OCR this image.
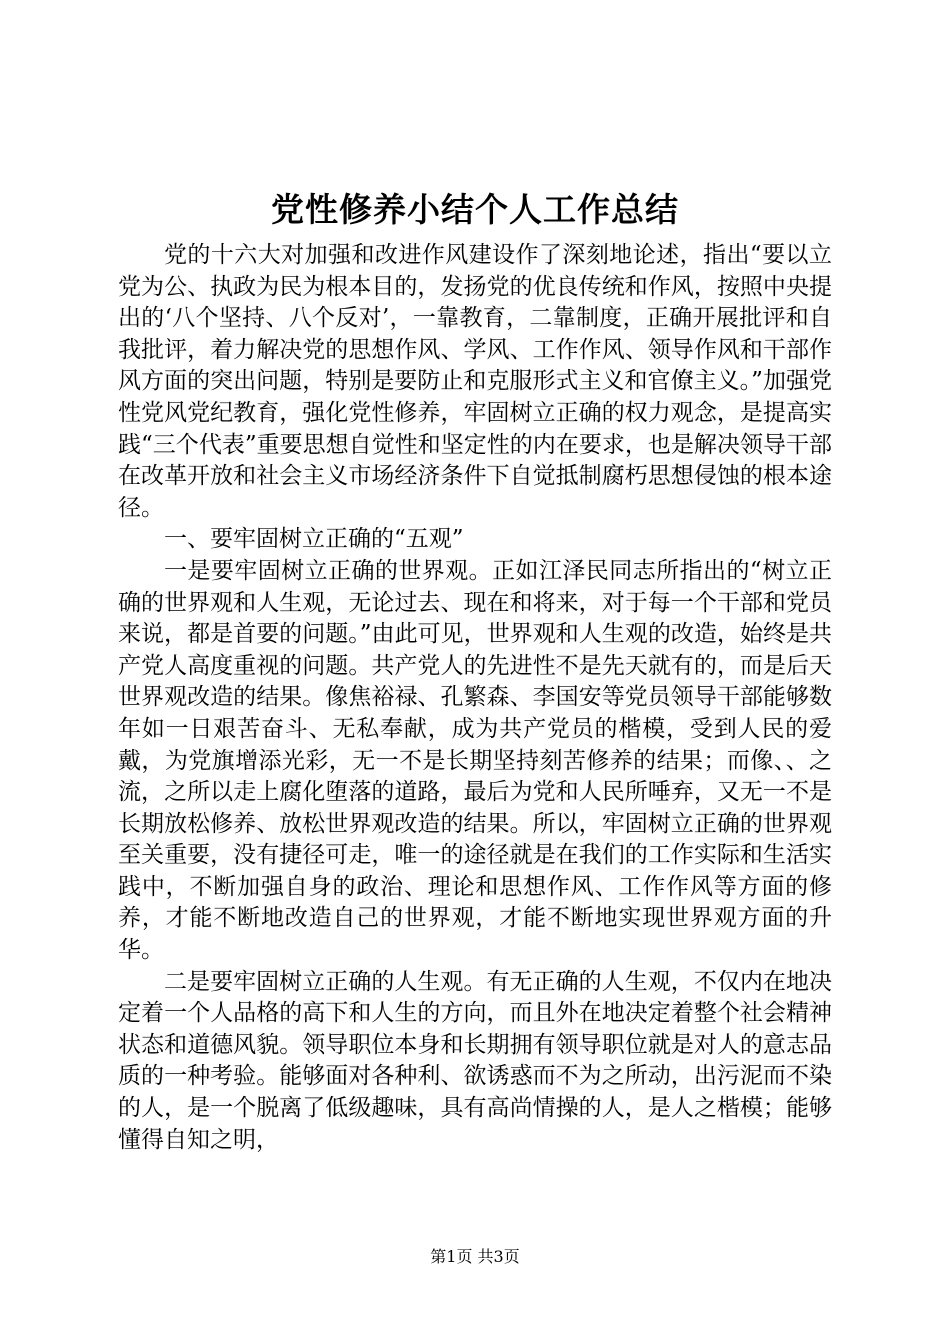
党性修养小结个人工作总结

党的十六大对加强和改进作风建设作了深刻地论述，指出“要以立党为公、执政为民为根本目的，发扬党的优良传统和作风，按照中央提出的‘八个坚持、八个反对’，一靠教育，二靠制度，正确开展批评和自我批评，着力解决党的思想作风、学风、工作作风、领导作风和干部作风方面的突出问题，特别是要防止和克服形式主义和官僚主义。”加强党性党风党纪教育，强化党性修养，牢固树立正确的权力观念，是提高实践“三个代表”重要思想自觉性和坚定性的内在要求，也是解决领导干部在改革开放和社会主义市场经济条件下自觉抵制腐朽思想侵蚀的根本途径。

一、要牢固树立正确的“五观”

一是要牢固树立正确的世界观。正如江泽民同志所指出的“树立正确的世界观和人生观，无论过去、现在和将来，对于每一个干部和党员来说，都是首要的问题。”由此可见，世界观和人生观的改造，始终是共产党人高度重视的问题。共产党人的先进性不是先天就有的，而是后天世界观改造的结果。像焦裕禄、孔繁森、李国安等党员领导干部能够数年如一日艰苦奋斗、无私奉献，成为共产党员的楷模，受到人民的爱戴，为党旗增添光彩，无一不是长期坚持刻苦修养的结果；而像、、之流，之所以走上腐化堕落的道路，最后为党和人民所唾弃，又无一不是长期放松修养、放松世界观改造的结果。所以，牢固树立正确的世界观至关重要，没有捷径可走，唯一的途径就是在我们的工作实际和生活实践中，不断加强自身的政治、理论和思想作风、工作作风等方面的修养，才能不断地改造自己的世界观，才能不断地实现世界观方面的升华。

二是要牢固树立正确的人生观。有无正确的人生观，不仅内在地决定着一个人品格的高下和人生的方向，而且外在地决定着整个社会精神状态和道德风貌。领导职位本身和长期拥有领导职位就是对人的意志品质的一种考验。能够面对各种利、欲诱惑而不为之所动，出污泥而不染的人，是一个脱离了低级趣味，具有高尚情操的人，是人之楷模；能够懂得自知之明，

第1页 共3页
